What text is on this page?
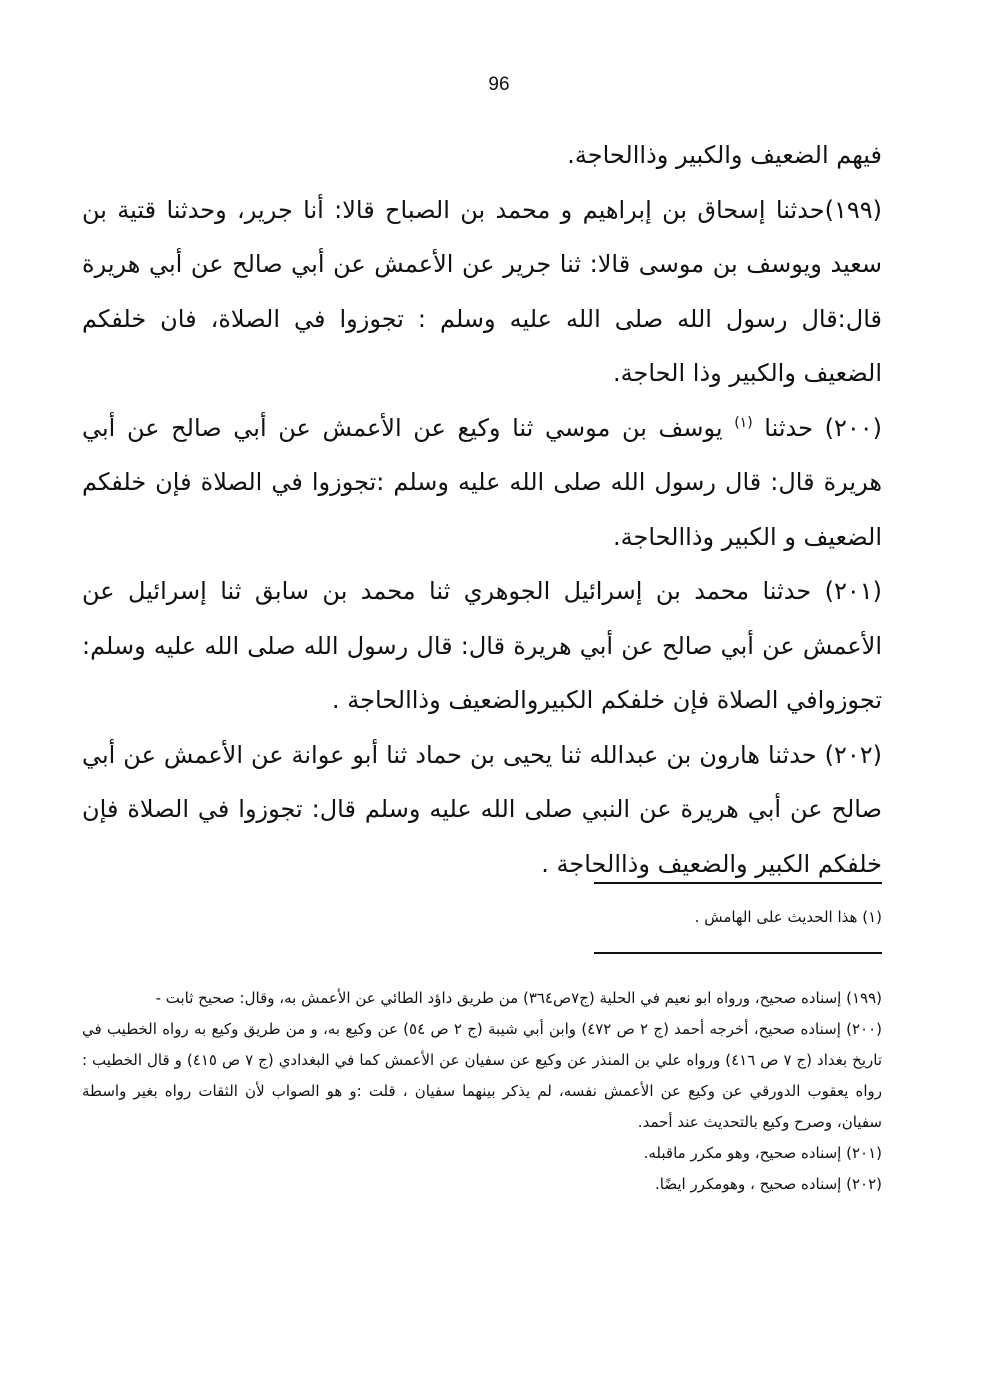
96

فيهم الضعيف والكبير وذاالحاجة.

(١٩٩)حدثنا إسحاق بن إبراهيم و محمد بن الصباح قالا: أنا جرير، وحدثنا قتية بن سعيد ويوسف بن موسى قالا: ثنا جرير عن الأعمش عن أبي صالح عن أبي هريرة قال:قال رسول الله صلى الله عليه وسلم : تجوزوا في الصلاة، فان خلفكم الضعيف والكبير وذا الحاجة.

(٢٠٠) حدثنا $^{(١)}$ يوسف بن موسي ثنا وكيع عن الأعمش عن أبي صالح عن أبي هريرة قال: قال رسول الله صلى الله عليه وسلم :تجوزوا في الصلاة فإن خلفكم الضعيف و الكبير وذاالحاجة.

(٢٠١) حدثنا محمد بن إسرائيل الجوهري ثنا محمد بن سابق ثنا إسرائيل عن الأعمش عن أبي صالح عن أبي هريرة قال: قال رسول الله صلى الله عليه وسلم: تجوزوافي الصلاة فإن خلفكم الكبيروالضعيف وذاالحاجة .

(٢٠٢) حدثنا هارون بن عبدالله ثنا يحيى بن حماد ثنا أبو عوانة عن الأعمش عن أبي صالح عن أبي هريرة عن النبي صلى الله عليه وسلم قال: تجوزوا في الصلاة فإن خلفكم الكبير والضعيف وذاالحاجة .

(١) هذا الحديث على الهامش .

(١٩٩) إسناده صحيح، ورواه ابو نعيم في الحلية (ج٧ص٣٦٤) من طريق داؤد الطائي عن الأعمش به، وقال: صحيح ثابت -

(٢٠٠) إسناده صحيح، أخرجه أحمد (ج ٢ ص ٤٧٢) وابن أبي شيبة (ج ٢ ص ٥٤) عن وكيع به، و من طريق وكيع به رواه الخطيب في تاريخ بغداد (ج ٧ ص ٤١٦) ورواه علي بن المنذر عن وكيع عن سفيان عن الأعمش كما في البغدادي (ج ٧ ص ٤١٥) و قال الخطيب : رواه يعقوب الدورقي عن وكيع عن الأعمش نفسه، لم يذكر بينهما سفيان ، قلت :و هو الصواب لأن الثقات رواه بغير واسطة سفيان، وصرح وكيع بالتحديث عند أحمد.

(٢٠١) إسناده صحيح، وهو مكرر ماقبله.

(٢٠٢) إسناده صحيح ، وهومكرر ايضًا.
